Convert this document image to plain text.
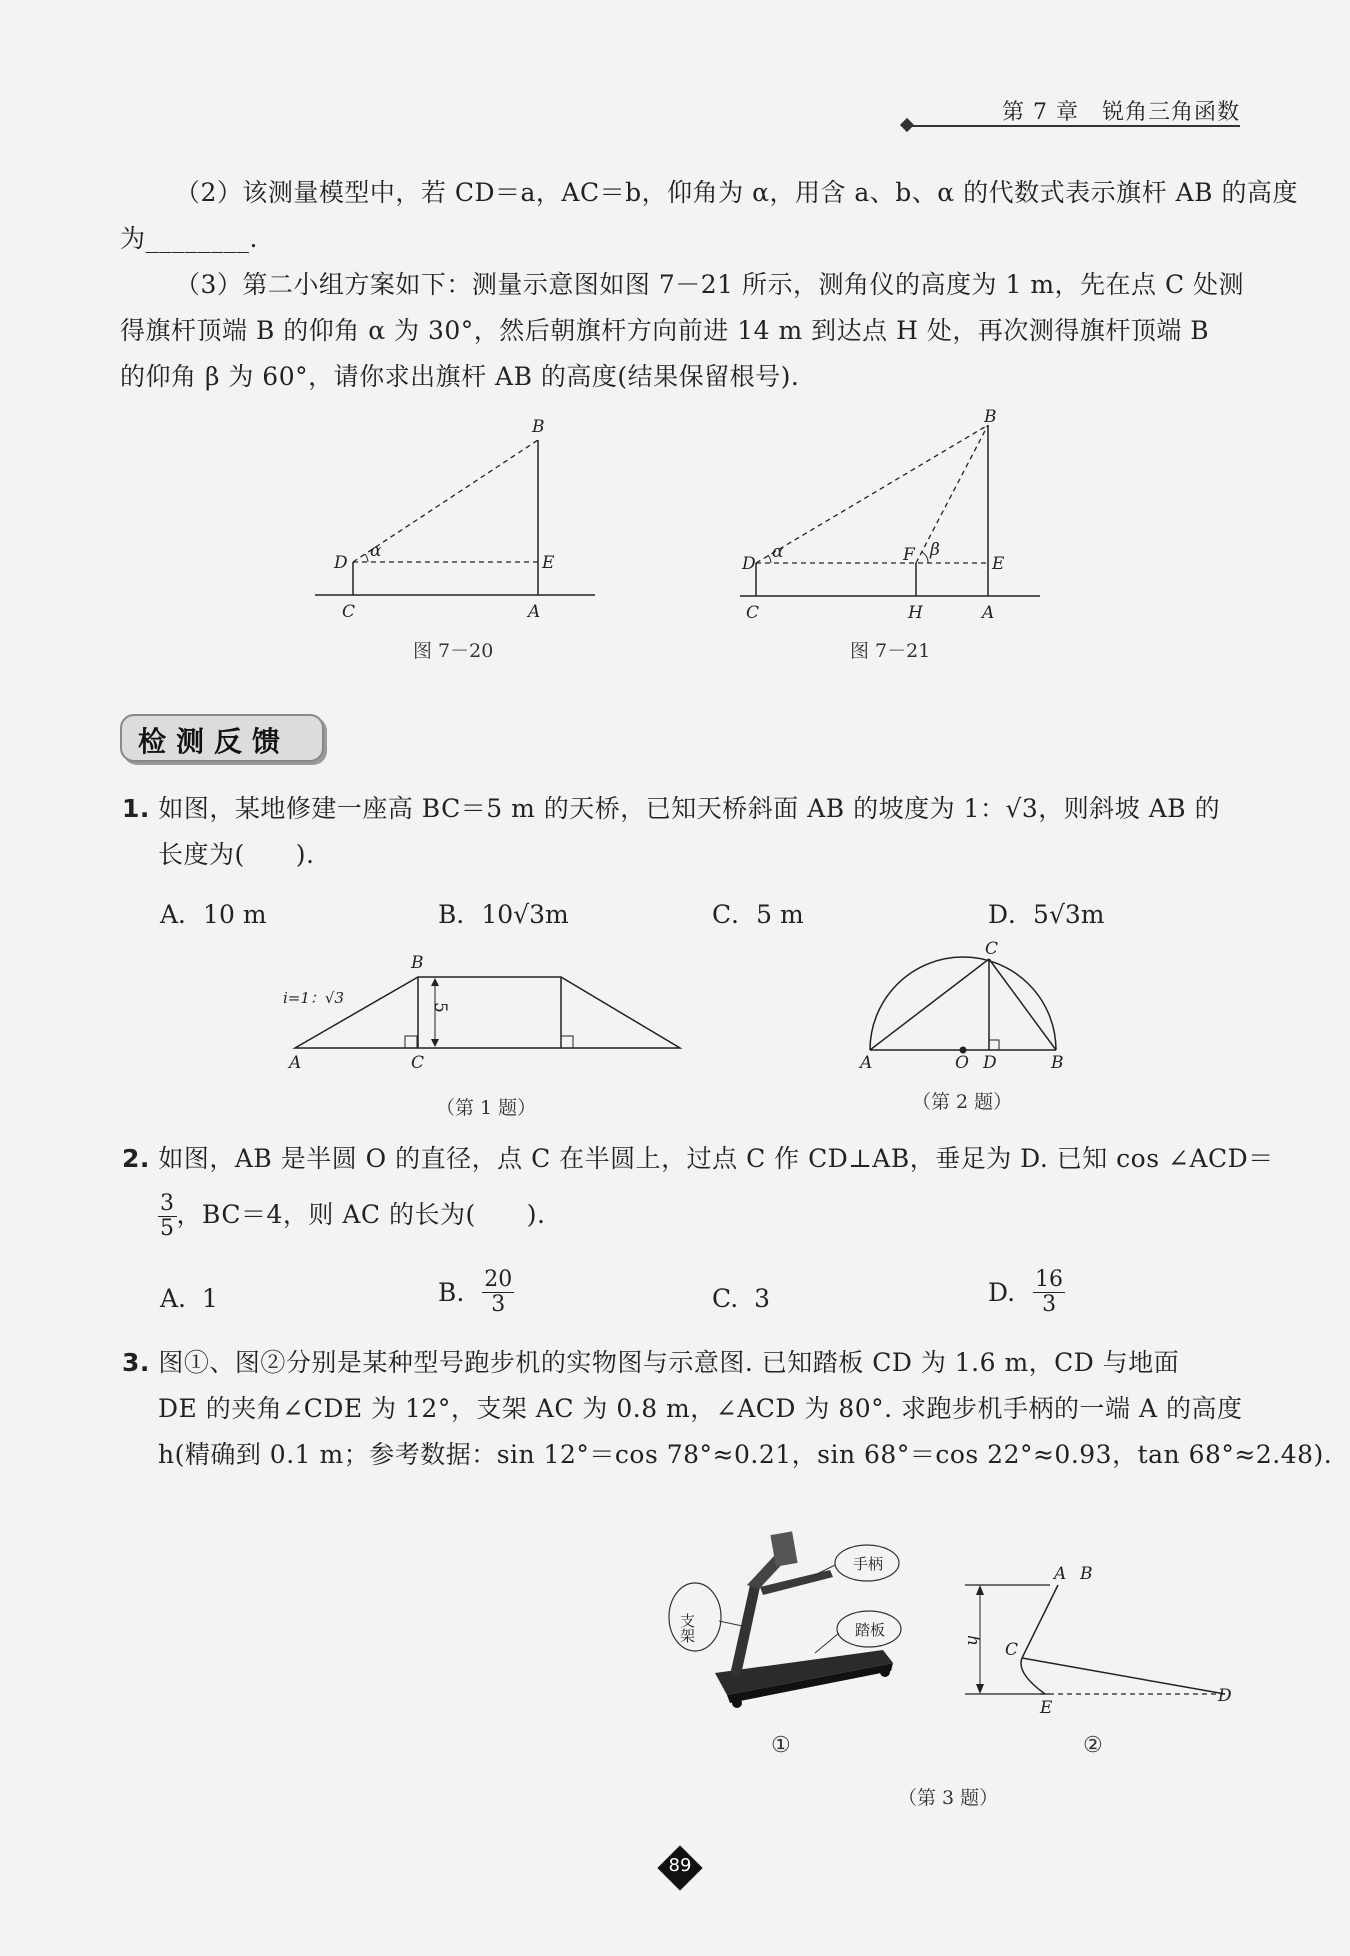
第 7 章　锐角三角函数
（2）该测量模型中，若 CD＝a，AC＝b，仰角为 α，用含 a、b、α 的代数式表示旗杆 AB 的高度
为________.
（3）第二小组方案如下：测量示意图如图 7－21 所示，测角仪的高度为 1 m，先在点 C 处测
得旗杆顶端 B 的仰角 α 为 30°，然后朝旗杆方向前进 14 m 到达点 H 处，再次测得旗杆顶端 B
的仰角 β 为 60°，请你求出旗杆 AB 的高度(结果保留根号).
B
D	E
C	A
α
图 7－20
B
D	F	E
C	H	A
α	β
图 7－21
检测反馈
1. 如图，某地修建一座高 BC＝5 m 的天桥，已知天桥斜面 AB 的坡度为 1：√3，则斜坡 AB 的
长度为(　　).
A．10 m	B．10√3m	C．5 m	D．5√3m
5
i=1：√3
B
A	C
（第 1 题）
C
A	O D	B
（第 2 题）
2. 如图，AB 是半圆 O 的直径，点 C 在半圆上，过点 C 作 CD⊥AB，垂足为 D. 已知 cos ∠ACD＝
$\frac{3}{5}$ ，BC＝4，则 AC 的长为(　　).
A. 1	B. $\frac{20}{3}$	C. 3	D. $\frac{16}{3}$
3. 图①、图②分别是某种型号跑步机的实物图与示意图. 已知踏板 CD 为 1.6 m，CD 与地面
DE 的夹角∠CDE 为 12°，支架 AC 为 0.8 m，∠ACD 为 80°. 求跑步机手柄的一端 A 的高度
h(精确到 0.1 m；参考数据：sin 12°＝cos 78°≈0.21，sin 68°＝cos 22°≈0.93，tan 68°≈2.48).
手柄
踏板
支架
①
A B
C
E
D
h
②
（第 3 题）
89
